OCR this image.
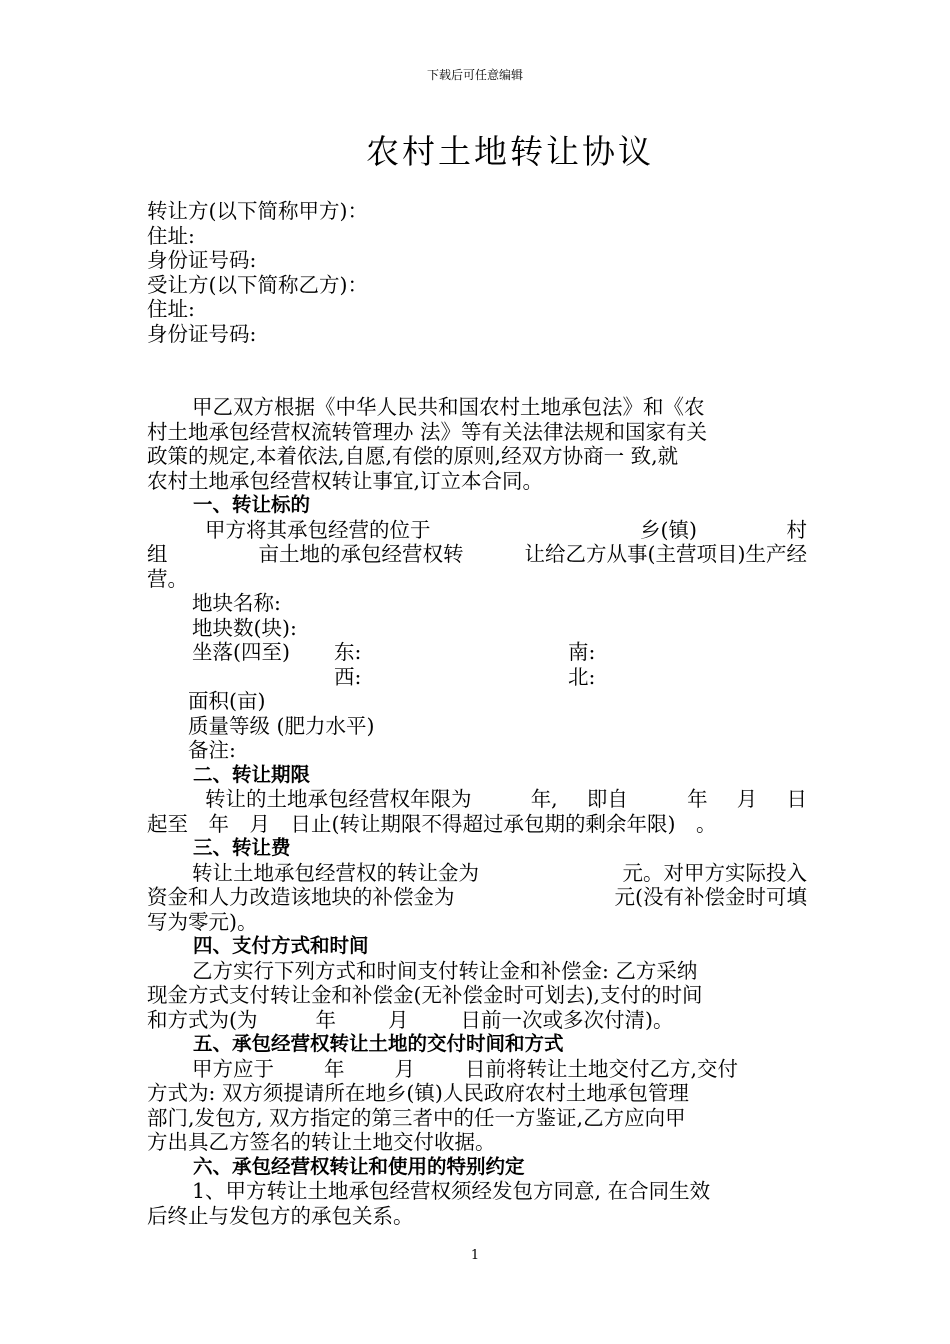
下载后可任意编辑
农村土地转让协议
转让方(以下简称甲方)：
住址:
身份证号码:
受让方(以下简称乙方)：
住址:
身份证号码:
甲乙双方根据《中华人民共和国农村土地承包法》和《农
村土地承包经营权流转管理办 法》等有关法律法规和国家有关
政策的规定,本着依法,自愿,有偿的原则,经双方协商一 致,就
农村土地承包经营权转让事宜,订立本合同。
一、转让标的
甲方将其承包经营的位于	乡(镇)	村
组	亩土地的承包经营权转	让给乙方从事(主营项目)生产经
营。
地块名称:
地块数(块):
坐落(四至) 东:	南:
西:	北:
面积(亩)
质量等级 (肥力水平)
备注:
二、转让期限
转让的土地承包经营权年限为	年, 即自	年 月 日
起至　年　月　日止(转让期限不得超过承包期的剩余年限)　。
三、转让费
转让土地承包经营权的转让金为	元。对甲方实际投入
资金和人力改造该地块的补偿金为	元(没有补偿金时可填
写为零元)。
四、支付方式和时间
乙方实行下列方式和时间支付转让金和补偿金: 乙方采纳
现金方式支付转让金和补偿金(无补偿金时可划去),支付的时间
和方式为(为	年	月	日前一次或多次付清)。
五、承包经营权转让土地的交付时间和方式
甲方应于 年 月 日前将转让土地交付乙方,交付
方式为: 双方须提请所在地乡(镇)人民政府农村土地承包管理
部门,发包方, 双方指定的第三者中的任一方鉴证,乙方应向甲
方出具乙方签名的转让土地交付收据。
六、承包经营权转让和使用的特别约定
1、甲方转让土地承包经营权须经发包方同意, 在合同生效
后终止与发包方的承包关系。
1
